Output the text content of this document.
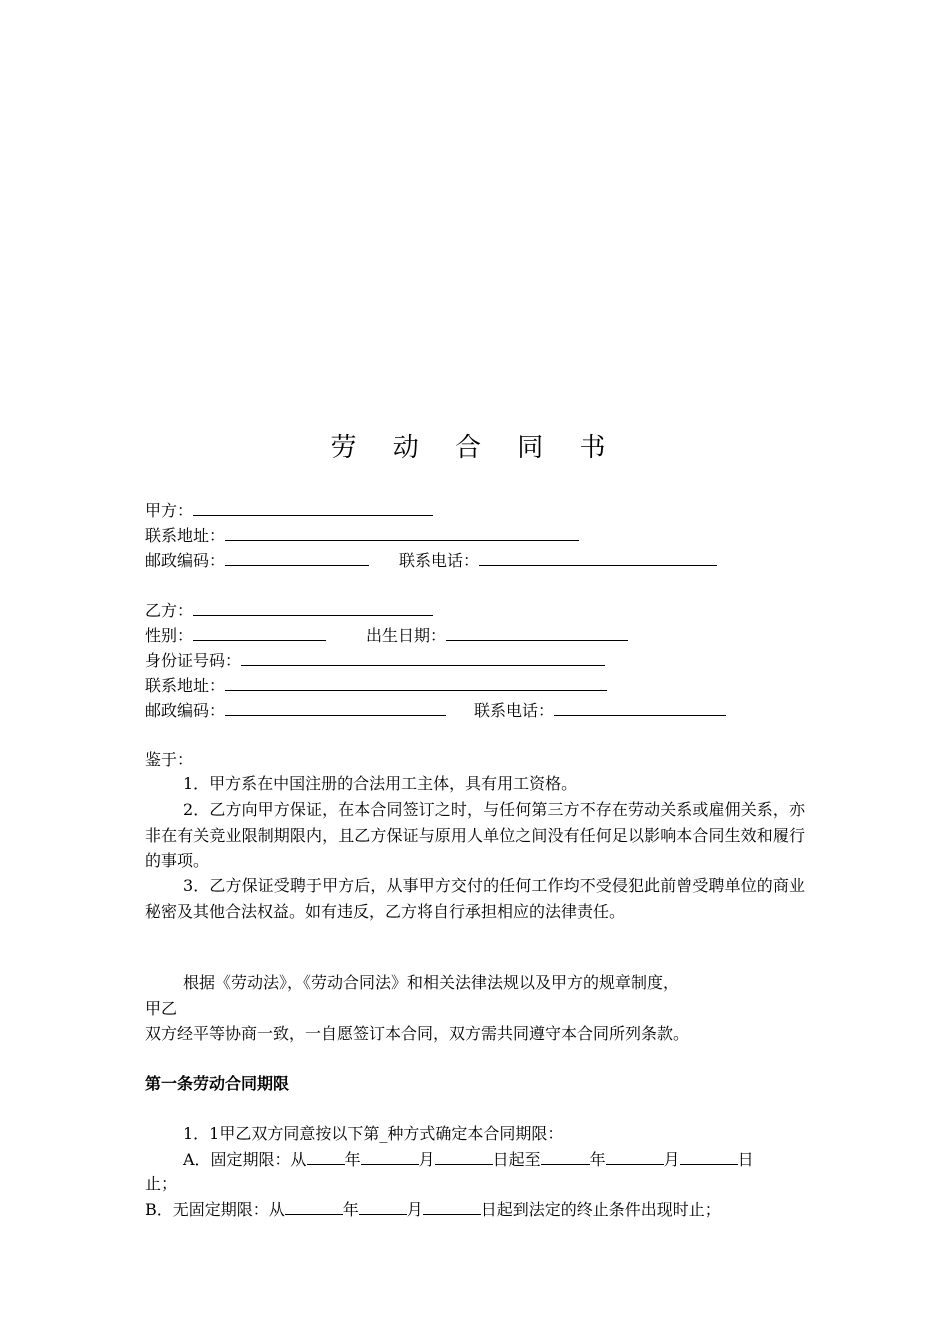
劳 动 合 同 书
甲方：
联系地址：
邮政编码：	联系电话：
乙方：
性别：	出生日期：
身份证号码：
联系地址：
邮政编码：	联系电话：
鉴于：
1．甲方系在中国注册的合法用工主体，具有用工资格。
2．乙方向甲方保证，在本合同签订之时，与任何第三方不存在劳动关系或雇佣关系，亦非在有关竞业限制期限内，且乙方保证与原用人单位之间没有任何足以影响本合同生效和履行的事项。
3．乙方保证受聘于甲方后，从事甲方交付的任何工作均不受侵犯此前曾受聘单位的商业秘密及其他合法权益。如有违反，乙方将自行承担相应的法律责任。
根据《劳动法》，《劳动合同法》和相关法律法规以及甲方的规章制度，
甲乙
双方经平等协商一致，一自愿签订本合同，双方需共同遵守本合同所列条款。
第一条劳动合同期限
1．1甲乙双方同意按以下第_种方式确定本合同期限：
A．固定期限：从 年	月	日起至	年	月	日
止；
B．无固定期限：从	年	月	日起到法定的终止条件出现时止；
